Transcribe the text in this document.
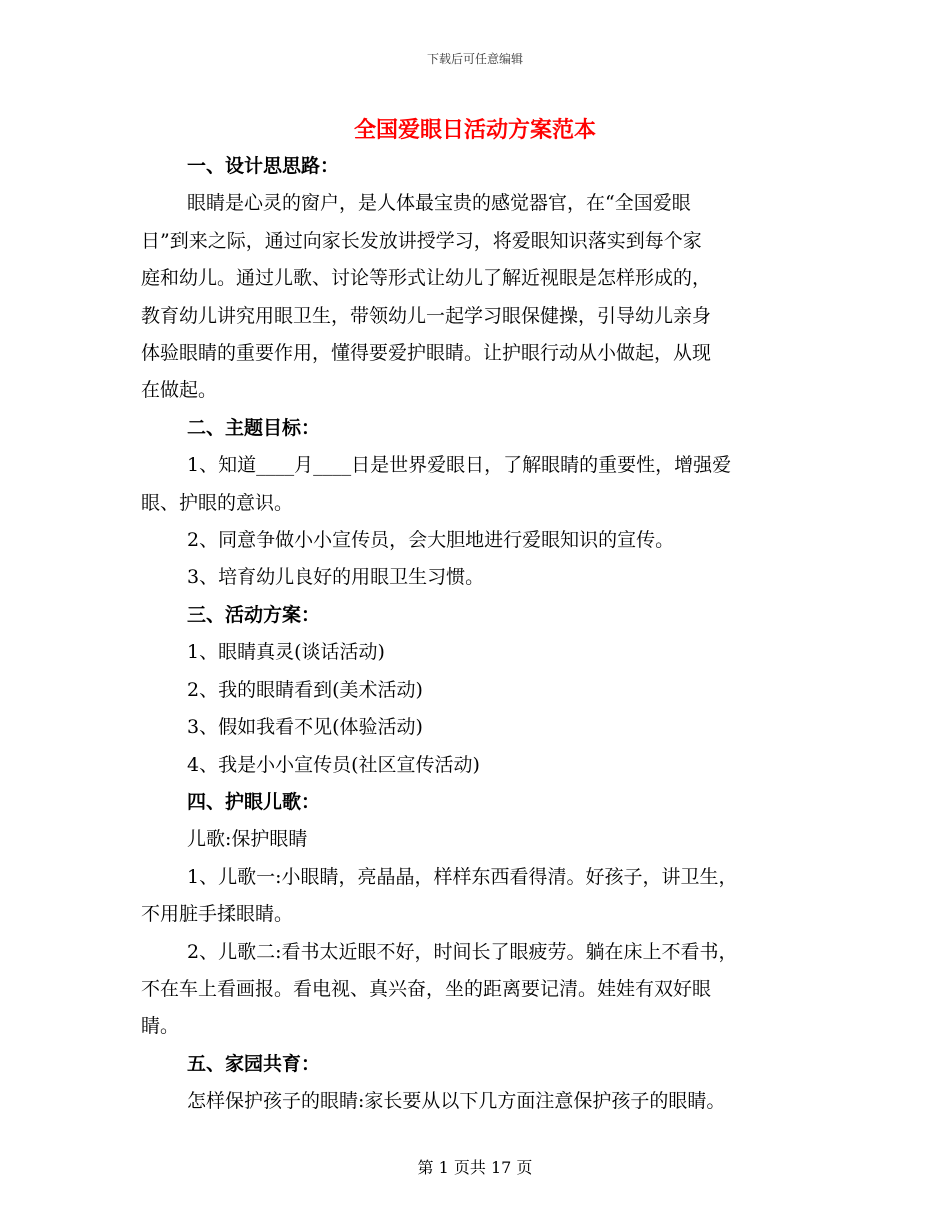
下载后可任意编辑
全国爱眼日活动方案范本

一、设计思思路：

眼睛是心灵的窗户，是人体最宝贵的感觉器官，在“全国爱眼

日”到来之际，通过向家长发放讲授学习，将爱眼知识落实到每个家

庭和幼儿。通过儿歌、讨论等形式让幼儿了解近视眼是怎样形成的，

教育幼儿讲究用眼卫生，带领幼儿一起学习眼保健操，引导幼儿亲身

体验眼睛的重要作用，懂得要爱护眼睛。让护眼行动从小做起，从现

在做起。

二、主题目标：

1、知道____月____日是世界爱眼日，了解眼睛的重要性，增强爱

眼、护眼的意识。

2、同意争做小小宣传员，会大胆地进行爱眼知识的宣传。

3、培育幼儿良好的用眼卫生习惯。

三、活动方案：

1、眼睛真灵(谈话活动)

2、我的眼睛看到(美术活动)

3、假如我看不见(体验活动)

4、我是小小宣传员(社区宣传活动)

四、护眼儿歌：

儿歌:保护眼睛

1、儿歌一:小眼睛，亮晶晶，样样东西看得清。好孩子，讲卫生，

不用脏手揉眼睛。

2、儿歌二:看书太近眼不好，时间长了眼疲劳。躺在床上不看书，

不在车上看画报。看电视、真兴奋，坐的距离要记清。娃娃有双好眼

睛。

五、家园共育：

怎样保护孩子的眼睛:家长要从以下几方面注意保护孩子的眼睛。

第 1 页共 17 页
